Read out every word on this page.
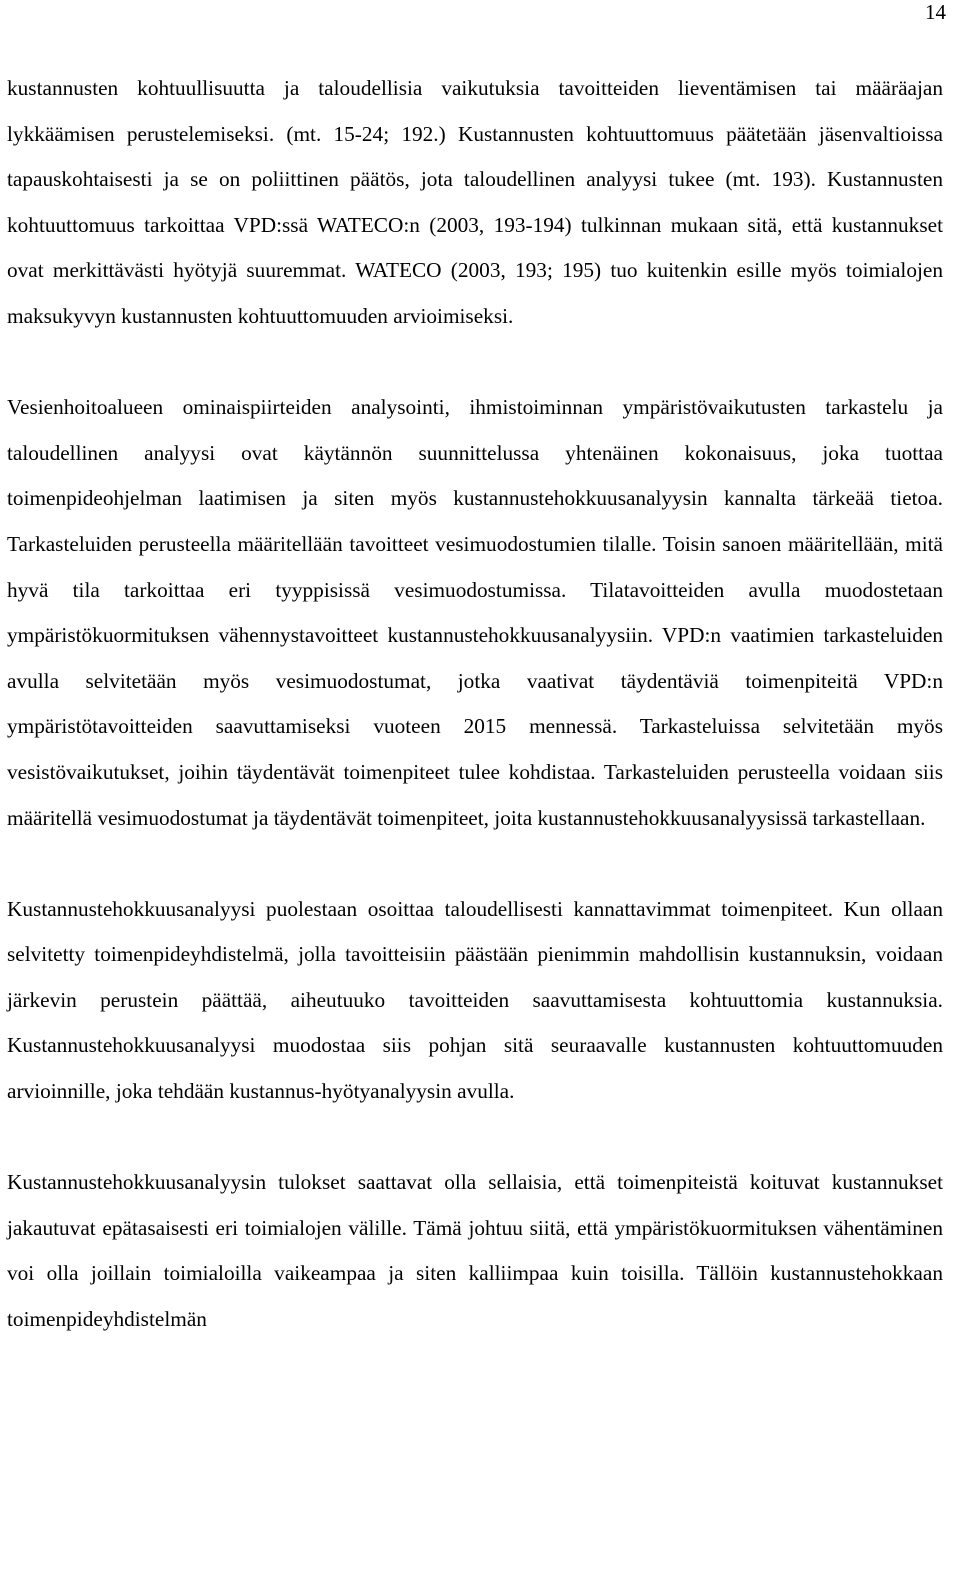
14

kustannusten kohtuullisuutta ja taloudellisia vaikutuksia tavoitteiden lieventämisen tai määräajan lykkäämisen perustelemiseksi. (mt. 15-24; 192.) Kustannusten kohtuuttomuus päätetään jäsenvaltioissa tapauskohtaisesti ja se on poliittinen päätös, jota taloudellinen analyysi tukee (mt. 193). Kustannusten kohtuuttomuus tarkoittaa VPD:ssä WATECO:n (2003, 193-194) tulkinnan mukaan sitä, että kustannukset ovat merkittävästi hyötyjä suuremmat. WATECO (2003, 193; 195) tuo kuitenkin esille myös toimialojen maksukyvyn kustannusten kohtuuttomuuden arvioimiseksi.

Vesienhoitoalueen ominaispiirteiden analysointi, ihmistoiminnan ympäristövaikutusten tarkastelu ja taloudellinen analyysi ovat käytännön suunnittelussa yhtenäinen kokonaisuus, joka tuottaa toimenpideohjelman laatimisen ja siten myös kustannustehokkuusanalyysin kannalta tärkeää tietoa. Tarkasteluiden perusteella määritellään tavoitteet vesimuodostumien tilalle. Toisin sanoen määritellään, mitä hyvä tila tarkoittaa eri tyyppisissä vesimuodostumissa. Tilatavoitteiden avulla muodostetaan ympäristökuormituksen vähennystavoitteet kustannustehokkuusanalyysiin. VPD:n vaatimien tarkasteluiden avulla selvitetään myös vesimuodostumat, jotka vaativat täydentäviä toimenpiteitä VPD:n ympäristötavoitteiden saavuttamiseksi vuoteen 2015 mennessä. Tarkasteluissa selvitetään myös vesistövaikutukset, joihin täydentävät toimenpiteet tulee kohdistaa. Tarkasteluiden perusteella voidaan siis määritellä vesimuodostumat ja täydentävät toimenpiteet, joita kustannustehokkuusanalyysissä tarkastellaan.

Kustannustehokkuusanalyysi puolestaan osoittaa taloudellisesti kannattavimmat toimenpiteet. Kun ollaan selvitetty toimenpideyhdistelmä, jolla tavoitteisiin päästään pienimmin mahdollisin kustannuksin, voidaan järkevin perustein päättää, aiheutuuko tavoitteiden saavuttamisesta kohtuuttomia kustannuksia. Kustannustehokkuusanalyysi muodostaa siis pohjan sitä seuraavalle kustannusten kohtuuttomuuden arvioinnille, joka tehdään kustannus-hyötyanalyysin avulla.

Kustannustehokkuusanalyysin tulokset saattavat olla sellaisia, että toimenpiteistä koituvat kustannukset jakautuvat epätasaisesti eri toimialojen välille. Tämä johtuu siitä, että ympäristökuormituksen vähentäminen voi olla joillain toimialoilla vaikeampaa ja siten kalliimpaa kuin toisilla. Tällöin kustannustehokkaan toimenpideyhdistelmän
